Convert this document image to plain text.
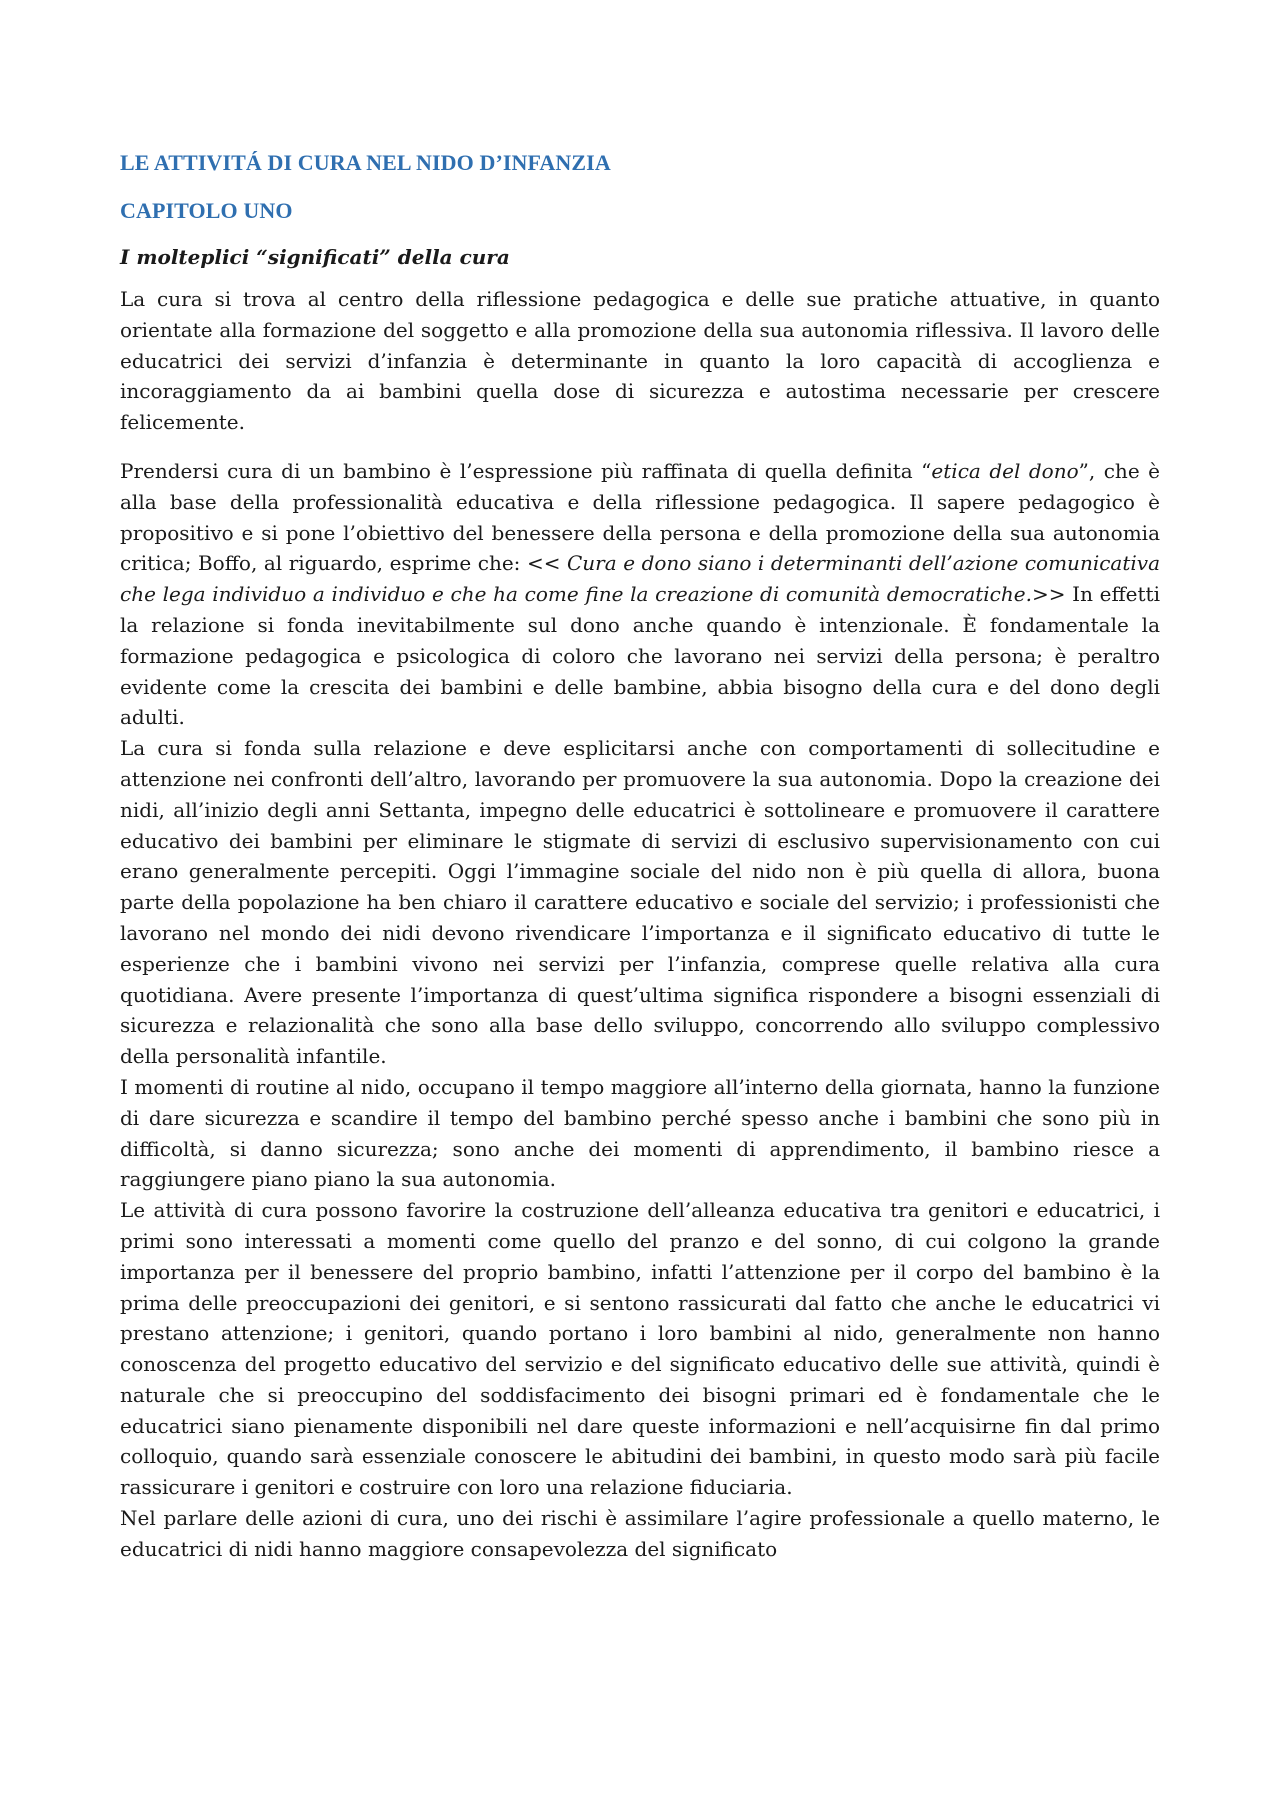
LE ATTIVITÁ DI CURA NEL NIDO D’INFANZIA
CAPITOLO UNO
I molteplici “significati” della cura

La cura si trova al centro della riflessione pedagogica e delle sue pratiche attuative, in quanto orientate alla formazione del soggetto e alla promozione della sua autonomia riflessiva. Il lavoro delle educatrici dei servizi d’infanzia è determinante in quanto la loro capacità di accoglienza e incoraggiamento da ai bambini quella dose di sicurezza e autostima necessarie per crescere felicemente.

Prendersi cura di un bambino è l’espressione più raffinata di quella definita “etica del dono”, che è alla base della professionalità educativa e della riflessione pedagogica. Il sapere pedagogico è propositivo e si pone l’obiettivo del benessere della persona e della promozione della sua autonomia critica; Boffo, al riguardo, esprime che: << Cura e dono siano i determinanti dell’azione comunicativa che lega individuo a individuo e che ha come fine la creazione di comunità democratiche.>> In effetti la relazione si fonda inevitabilmente sul dono anche quando è intenzionale. È fondamentale la formazione pedagogica e psicologica di coloro che lavorano nei servizi della persona; è peraltro evidente come la crescita dei bambini e delle bambine, abbia bisogno della cura e del dono degli adulti.

La cura si fonda sulla relazione e deve esplicitarsi anche con comportamenti di sollecitudine e attenzione nei confronti dell’altro, lavorando per promuovere la sua autonomia. Dopo la creazione dei nidi, all’inizio degli anni Settanta, impegno delle educatrici è sottolineare e promuovere il carattere educativo dei bambini per eliminare le stigmate di servizi di esclusivo supervisionamento con cui erano generalmente percepiti. Oggi l’immagine sociale del nido non è più quella di allora, buona parte della popolazione ha ben chiaro il carattere educativo e sociale del servizio; i professionisti che lavorano nel mondo dei nidi devono rivendicare l’importanza e il significato educativo di tutte le esperienze che i bambini vivono nei servizi per l’infanzia, comprese quelle relativa alla cura quotidiana. Avere presente l’importanza di quest’ultima significa rispondere a bisogni essenziali di sicurezza e relazionalità che sono alla base dello sviluppo, concorrendo allo sviluppo complessivo della personalità infantile.

I momenti di routine al nido, occupano il tempo maggiore all’interno della giornata, hanno la funzione di dare sicurezza e scandire il tempo del bambino perché spesso anche i bambini che sono più in difficoltà, si danno sicurezza; sono anche dei momenti di apprendimento, il bambino riesce a raggiungere piano piano la sua autonomia.

Le attività di cura possono favorire la costruzione dell’alleanza educativa tra genitori e educatrici, i primi sono interessati a momenti come quello del pranzo e del sonno, di cui colgono la grande importanza per il benessere del proprio bambino, infatti l’attenzione per il corpo del bambino è la prima delle preoccupazioni dei genitori, e si sentono rassicurati dal fatto che anche le educatrici vi prestano attenzione; i genitori, quando portano i loro bambini al nido, generalmente non hanno conoscenza del progetto educativo del servizio e del significato educativo delle sue attività, quindi è naturale che si preoccupino del soddisfacimento dei bisogni primari ed è fondamentale che le educatrici siano pienamente disponibili nel dare queste informazioni e nell’acquisirne fin dal primo colloquio, quando sarà essenziale conoscere le abitudini dei bambini, in questo modo sarà più facile rassicurare i genitori e costruire con loro una relazione fiduciaria.

Nel parlare delle azioni di cura, uno dei rischi è assimilare l’agire professionale a quello materno, le educatrici di nidi hanno maggiore consapevolezza del significato
